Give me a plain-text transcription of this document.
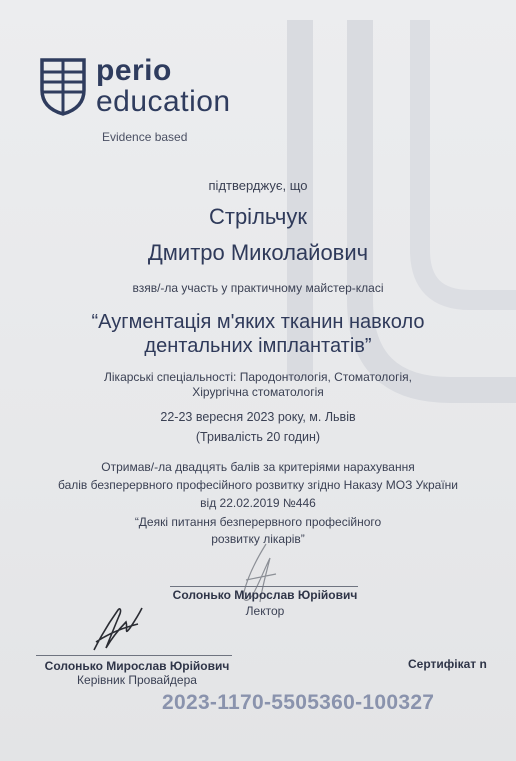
perio
education
Evidence based
підтверджує, що
Стрільчук
Дмитро Миколайович
взяв/-ла участь у практичному майстер-класі
“Аугментація м'яких тканин навколо
дентальних імплантатів”
Лікарські спеціальності: Пародонтологія, Стоматологія,
Хірургічна стоматологія
22-23 вересня 2023 року, м. Львів
(Тривалість 20 годин)
Отримав/-ла двадцять балів за критеріями нарахування
балів безперервного професійного розвитку згідно Наказу МОЗ України
від 22.02.2019 №446
“Деякі питання безперервного професійного
розвитку лікарів”
Солонько Мирослав Юрійович
Лектор
Солонько Мирослав Юрійович
Керівник Провайдера
Сертифікат n
2023-1170-5505360-100327
